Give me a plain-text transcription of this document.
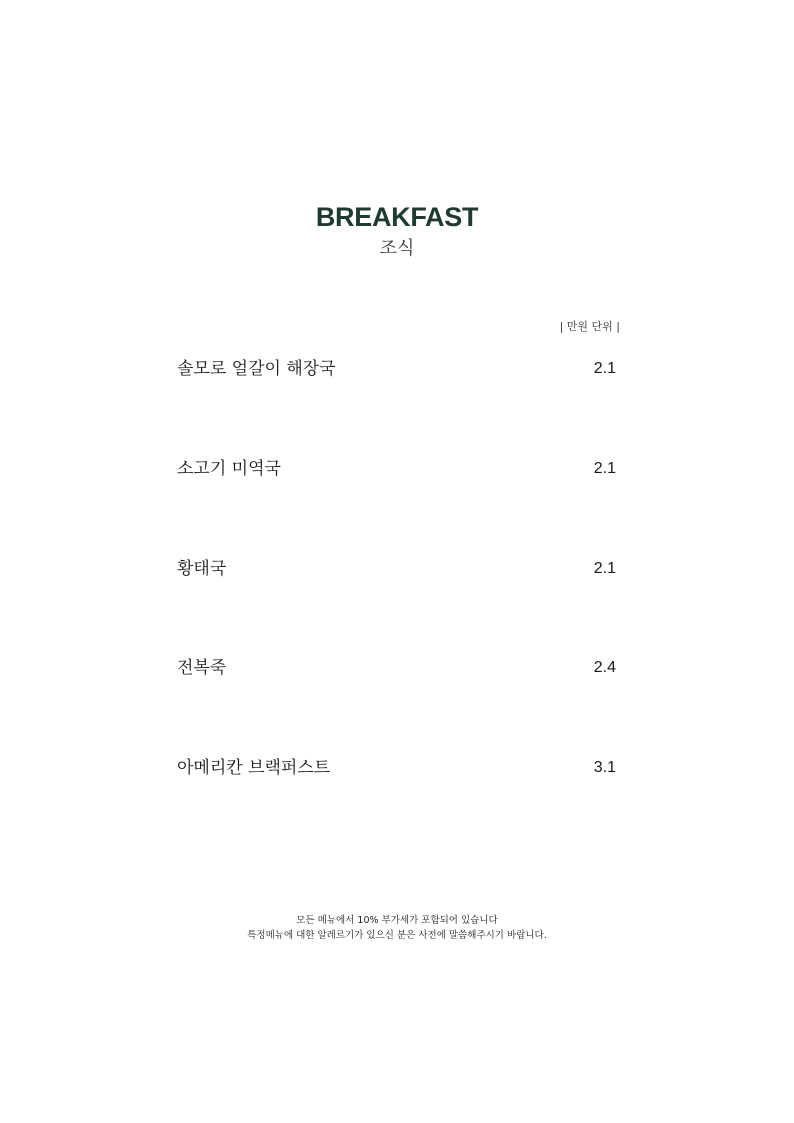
BREAKFAST
조식
| 만원 단위 |
솔모로 얼갈이 해장국	2.1
소고기 미역국	2.1
황태국	2.1
전복죽	2.4
아메리칸 브랙퍼스트	3.1
모든 메뉴에서 10% 부가세가 포함되어 있습니다
특정메뉴에 대한 알레르기가 있으신 분은 사전에 말씀해주시기 바랍니다.
